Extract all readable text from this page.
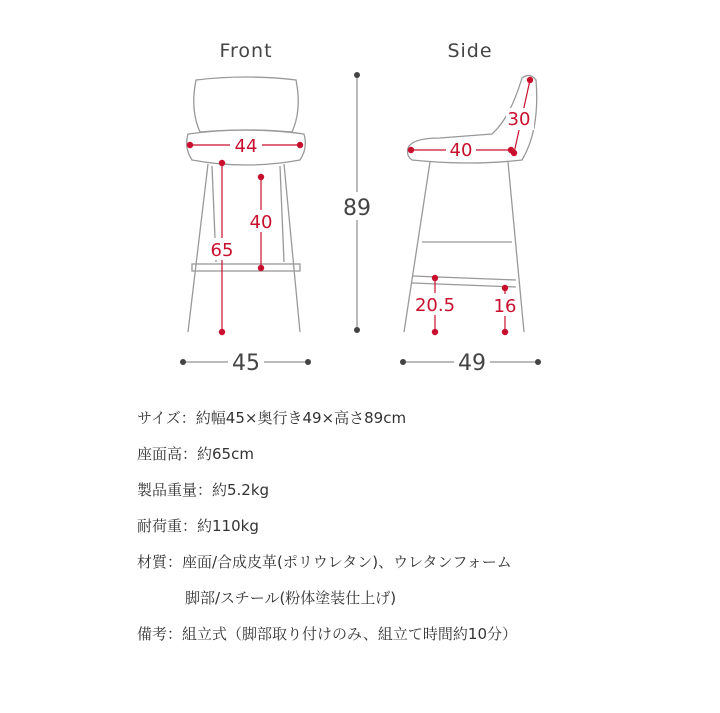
Front	Side
44
65
40
45
89
30
40
20.5 16
49
サイズ：約幅45×奥行き49×高さ89cm
座面高：約65cm
製品重量：約5.2kg
耐荷重：約110kg
材質：座面/合成皮革(ポリウレタン)、ウレタンフォーム
脚部/スチール(粉体塗装仕上げ)
備考：組立式（脚部取り付けのみ、組立て時間約10分）
